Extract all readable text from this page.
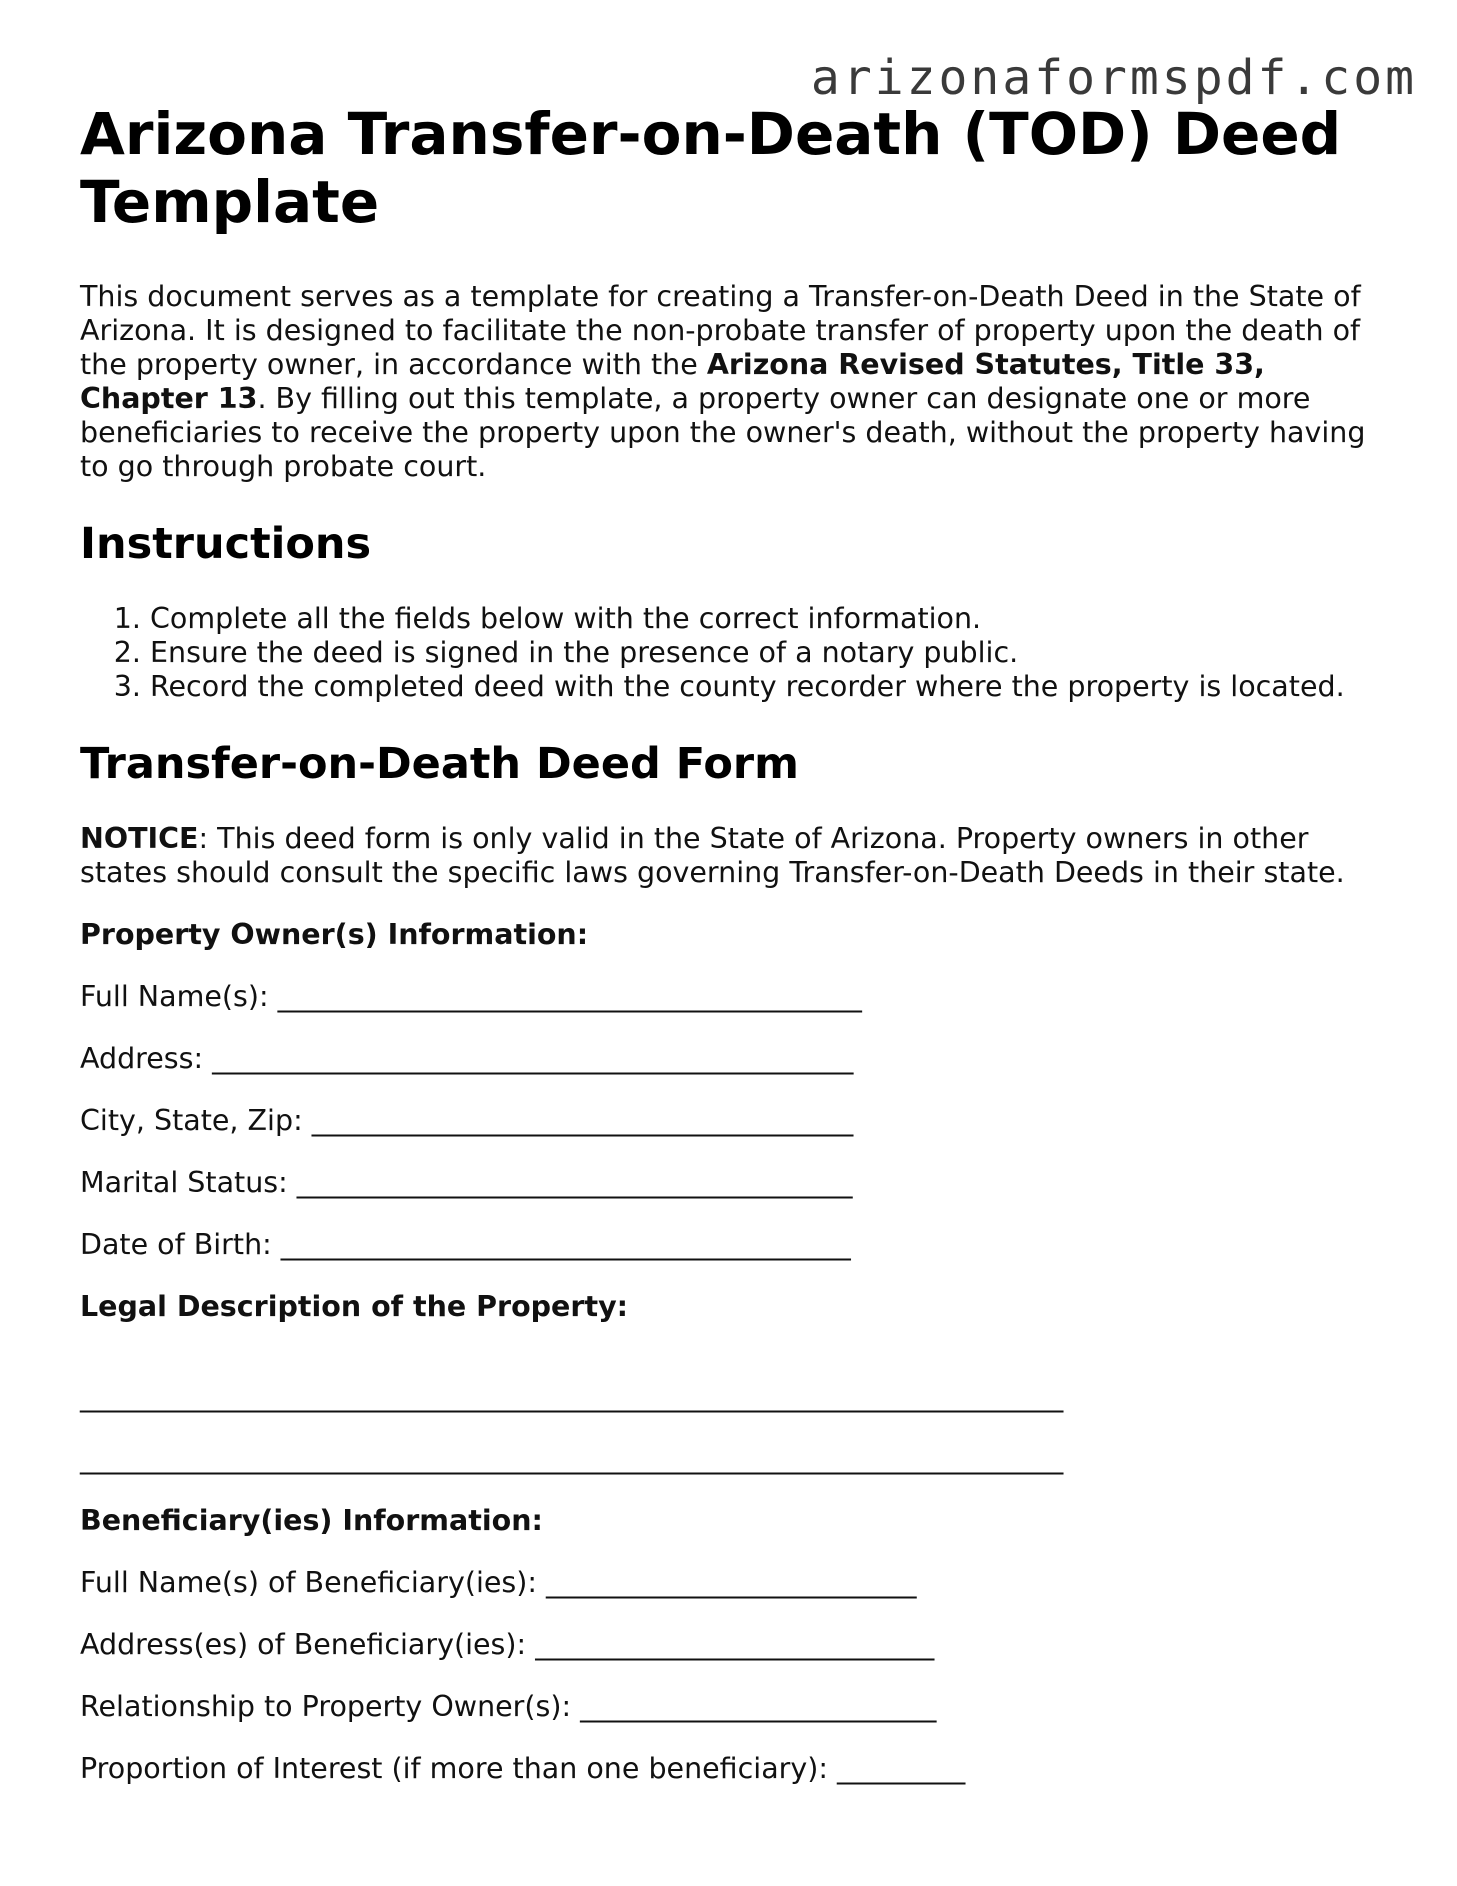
arizonaformspdf.com
Arizona Transfer-on-Death (TOD) Deed Template

This document serves as a template for creating a Transfer-on-Death Deed in the State of Arizona. It is designed to facilitate the non-probate transfer of property upon the death of the property owner, in accordance with the Arizona Revised Statutes, Title 33, Chapter 13. By filling out this template, a property owner can designate one or more beneficiaries to receive the property upon the owner's death, without the property having to go through probate court.

Instructions
1. Complete all the fields below with the correct information.
2. Ensure the deed is signed in the presence of a notary public.
3. Record the completed deed with the county recorder where the property is located.
Transfer-on-Death Deed Form

NOTICE: This deed form is only valid in the State of Arizona. Property owners in other states should consult the specific laws governing Transfer-on-Death Deeds in their state.

Property Owner(s) Information:
Full Name(s): _________________________________________
Address: _____________________________________________
City, State, Zip: ______________________________________
Marital Status: _______________________________________
Date of Birth: ________________________________________
Legal Description of the Property:
_____________________________________________________________________
_____________________________________________________________________
Beneficiary(ies) Information:
Full Name(s) of Beneficiary(ies): __________________________
Address(es) of Beneficiary(ies): ____________________________
Relationship to Property Owner(s): _________________________
Proportion of Interest (if more than one beneficiary): _________
